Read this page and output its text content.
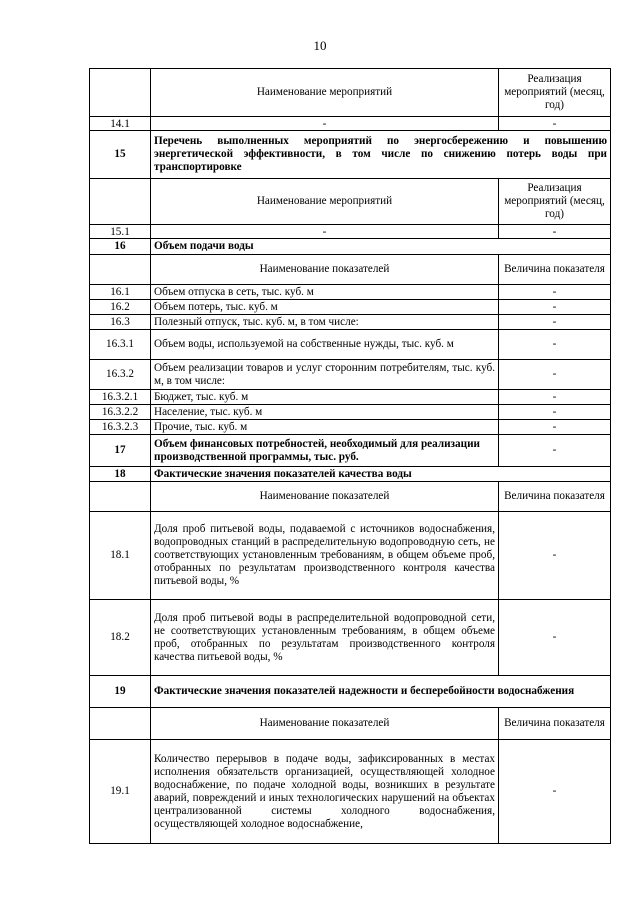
10
	Наименование мероприятий	Реализация мероприятий (месяц, год)
14.1	-	-
15	Перечень выполненных мероприятий по энергосбережению и повышению энергетической эффективности, в том числе по снижению потерь воды при транспортировке	
	Наименование мероприятий	Реализация мероприятий (месяц, год)
15.1	-	-
16	Объем подачи воды	
	Наименование показателей	Величина показателя
16.1	Объем отпуска в сеть, тыс. куб. м	-
16.2	Объем потерь, тыс. куб. м	-
16.3	Полезный отпуск, тыс. куб. м, в том числе:	-
16.3.1	Объем воды, используемой на собственные нужды, тыс. куб. м	-
16.3.2	Объем реализации товаров и услуг сторонним потребителям, тыс. куб. м, в том числе:	-
16.3.2.1	Бюджет, тыс. куб. м	-
16.3.2.2	Население, тыс. куб. м	-
16.3.2.3	Прочие, тыс. куб. м	-
17	Объем финансовых потребностей, необходимый для реализации производственной программы, тыс. руб.	-
18	Фактические значения показателей качества воды	
	Наименование показателей	Величина показателя
18.1	Доля проб питьевой воды, подаваемой с источников водоснабжения, водопроводных станций в распределительную водопроводную сеть, не соответствующих установленным требованиям, в общем объеме проб, отобранных по результатам производственного контроля качества питьевой воды, %	-
18.2	Доля проб питьевой воды в распределительной водопроводной сети, не соответствующих установленным требованиям, в общем объеме проб, отобранных по результатам производственного контроля качества питьевой воды, %	-
19	Фактические значения показателей надежности и бесперебойности водоснабжения	
	Наименование показателей	Величина показателя
19.1	Количество перерывов в подаче воды, зафиксированных в местах исполнения обязательств организацией, осуществляющей холодное водоснабжение, по подаче холодной воды, возникших в результате аварий, повреждений и иных технологических нарушений на объектах централизованной системы холодного водоснабжения, осуществляющей холодное водоснабжение,	-
